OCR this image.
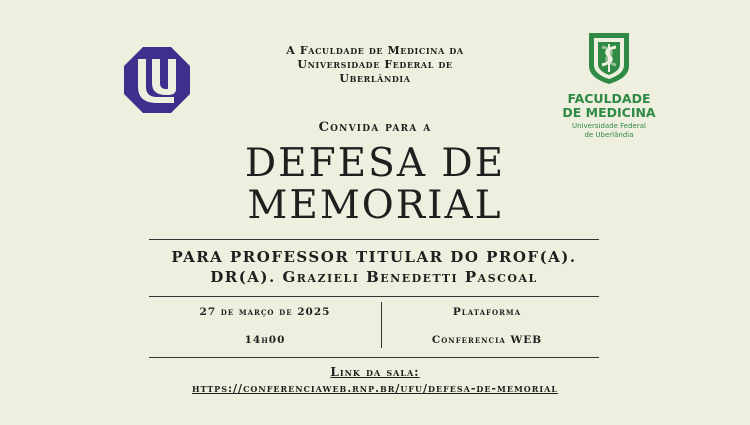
A Faculdade de Medicina da
Universidade Federal de
Uberlândia
FACULDADE
DE MEDICINA
Universidade Federal
de Uberlândia
Convida para a
DEFESA DE
MEMORIAL
PARA PROFESSOR TITULAR DO PROF(A).
DR(A). Grazieli Benedetti Pascoal
27 de março de 2025
14h00
Plataforma
Conferencia WEB
Link da sala:
https://conferenciaweb.rnp.br/ufu/defesa-de-memorial
